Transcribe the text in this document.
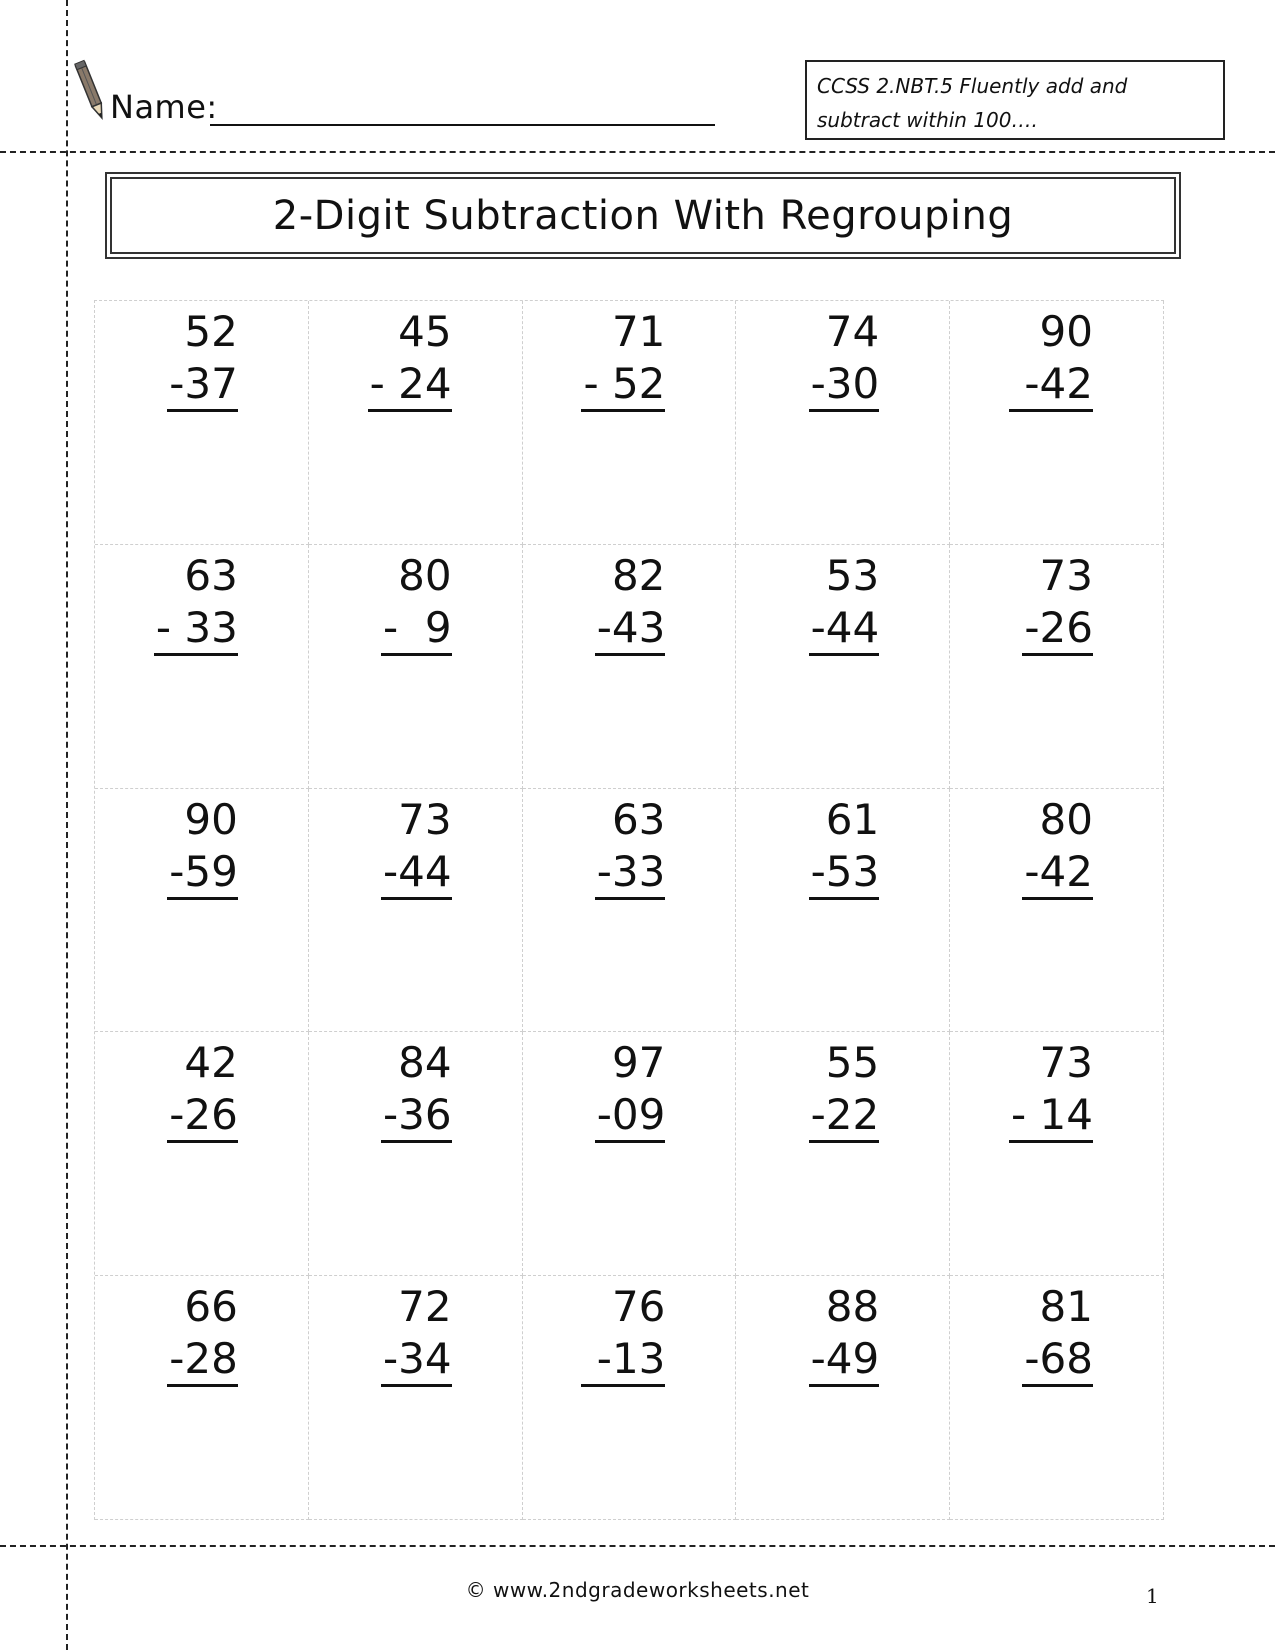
Name:
CCSS 2.NBT.5 Fluently add and
subtract within 100….
2-Digit Subtraction With Regrouping
52
-37
45
- 24
71
- 52
74
-30
90
-42
63
- 33
80
-  9
82
-43
53
-44
73
-26
90
-59
73
-44
63
-33
61
-53
80
-42
42
-26
84
-36
97
-09
55
-22
73
- 14
66
-28
72
-34
76
-13
88
-49
81
-68
© www.2ndgradeworksheets.net	1
